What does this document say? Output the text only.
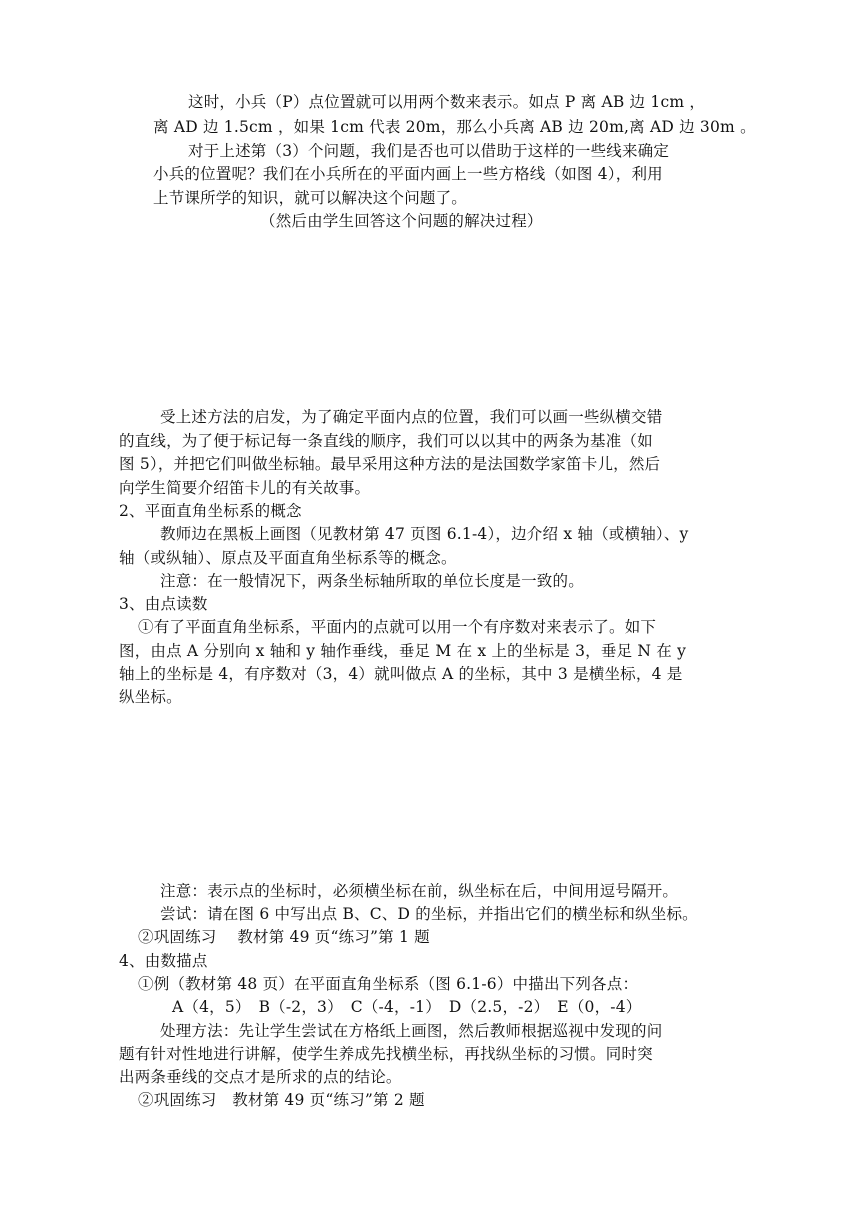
这时，小兵（P）点位置就可以用两个数来表示。如点 P 离 AB 边 1cm ，
离 AD 边 1.5cm ，如果 1cm 代表 20m，那么小兵离 AB 边 20m,离 AD 边 30m 。
对于上述第（3）个问题，我们是否也可以借助于这样的一些线来确定
小兵的位置呢？我们在小兵所在的平面内画上一些方格线（如图 4），利用
上节课所学的知识，就可以解决这个问题了。
（然后由学生回答这个问题的解决过程）
受上述方法的启发，为了确定平面内点的位置，我们可以画一些纵横交错
的直线，为了便于标记每一条直线的顺序，我们可以以其中的两条为基准（如
图 5），并把它们叫做坐标轴。最早采用这种方法的是法国数学家笛卡儿，然后
向学生简要介绍笛卡儿的有关故事。
2、平面直角坐标系的概念
教师边在黑板上画图（见教材第 47 页图 6.1-4），边介绍 x 轴（或横轴）、y
轴（或纵轴）、原点及平面直角坐标系等的概念。
注意：在一般情况下，两条坐标轴所取的单位长度是一致的。
3、由点读数
①有了平面直角坐标系，平面内的点就可以用一个有序数对来表示了。如下
图，由点 A 分别向 x 轴和 y 轴作垂线，垂足 M 在 x 上的坐标是 3，垂足 N 在 y
轴上的坐标是 4，有序数对（3，4）就叫做点 A 的坐标，其中 3 是横坐标，4 是
纵坐标。
注意：表示点的坐标时，必须横坐标在前，纵坐标在后，中间用逗号隔开。
尝试：请在图 6 中写出点 B、C、D 的坐标，并指出它们的横坐标和纵坐标。
②巩固练习　 教材第 49 页“练习”第 1 题
4、由数描点
①例（教材第 48 页）在平面直角坐标系（图 6.1-6）中描出下列各点：
A（4，5）　B（-2，3）　C（-4，-1）　D（2.5，-2）　E（0，-4）
处理方法：先让学生尝试在方格纸上画图，然后教师根据巡视中发现的问
题有针对性地进行讲解，使学生养成先找横坐标，再找纵坐标的习惯。同时突
出两条垂线的交点才是所求的点的结论。
②巩固练习　教材第 49 页“练习”第 2 题
